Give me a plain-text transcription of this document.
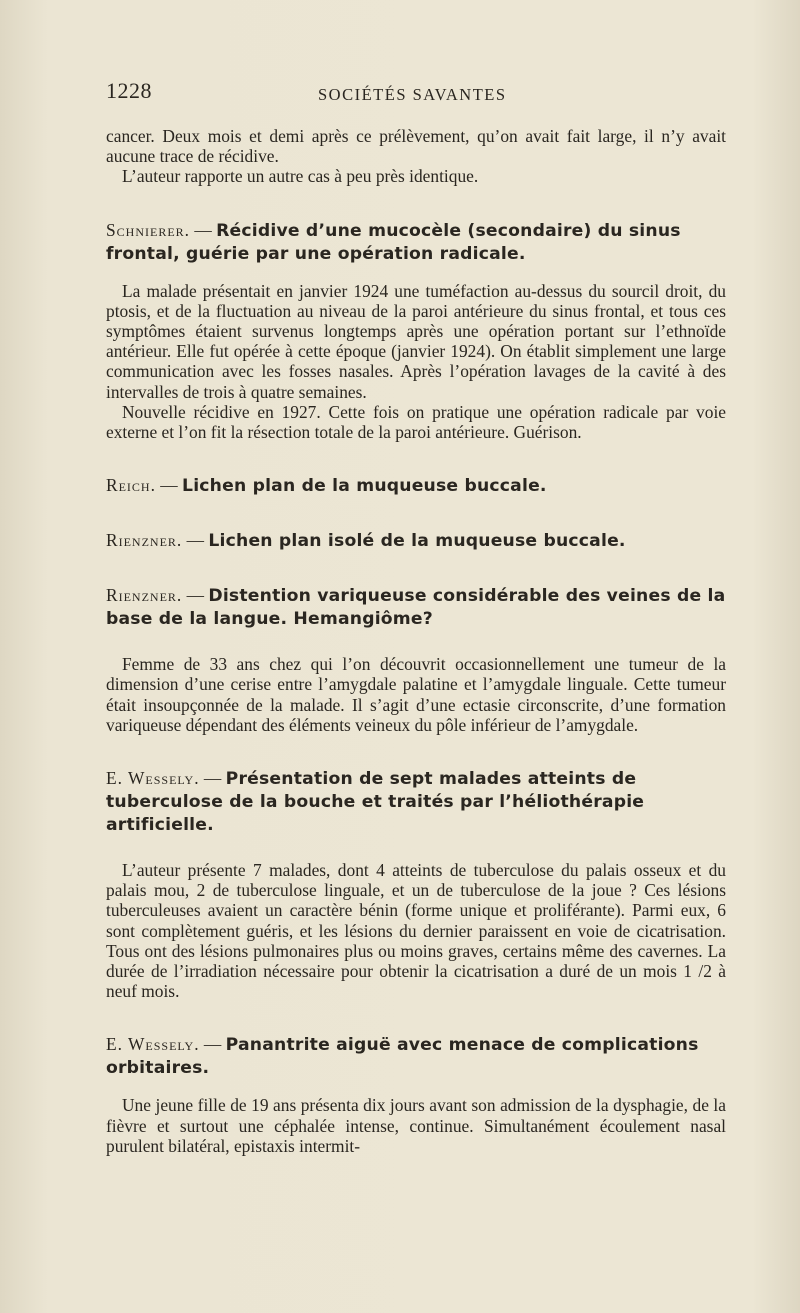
1228	SOCIÉTÉS SAVANTES

cancer. Deux mois et demi après ce prélèvement, qu’on avait fait large, il n’y avait aucune trace de récidive.

L’auteur rapporte un autre cas à peu près identique.

Schnierer. — Récidive d’une mucocèle (secondaire) du sinus frontal, guérie par une opération radicale.

La malade présentait en janvier 1924 une tuméfaction au-dessus du sourcil droit, du ptosis, et de la fluctuation au niveau de la paroi antérieure du sinus frontal, et tous ces symptômes étaient survenus longtemps après une opération portant sur l’ethnoïde antérieur. Elle fut opérée à cette époque (janvier 1924). On établit simplement une large communication avec les fosses nasales. Après l’opération lavages de la cavité à des intervalles de trois à quatre semaines.

Nouvelle récidive en 1927. Cette fois on pratique une opération radicale par voie externe et l’on fit la résection totale de la paroi antérieure. Guérison.

Reich. — Lichen plan de la muqueuse buccale.

Rienzner. — Lichen plan isolé de la muqueuse buccale.

Rienzner. — Distention variqueuse considérable des veines de la base de la langue. Hemangiôme?

Femme de 33 ans chez qui l’on découvrit occasionnellement une tumeur de la dimension d’une cerise entre l’amygdale palatine et l’amygdale linguale. Cette tumeur était insoupçonnée de la malade. Il s’agit d’une ectasie circonscrite, d’une formation variqueuse dépendant des éléments veineux du pôle inférieur de l’amygdale.

E. Wessely. — Présentation de sept malades atteints de tuberculose de la bouche et traités par l’héliothérapie artificielle.

L’auteur présente 7 malades, dont 4 atteints de tuberculose du palais osseux et du palais mou, 2 de tuberculose linguale, et un de tuberculose de la joue ? Ces lésions tuberculeuses avaient un caractère bénin (forme unique et proliférante). Parmi eux, 6 sont complètement guéris, et les lésions du dernier paraissent en voie de cicatrisation. Tous ont des lésions pulmonaires plus ou moins graves, certains même des cavernes. La durée de l’irradiation nécessaire pour obtenir la cicatrisation a duré de un mois 1 /2 à neuf mois.

E. Wessely. — Panantrite aiguë avec menace de complications orbitaires.

Une jeune fille de 19 ans présenta dix jours avant son admission de la dysphagie, de la fièvre et surtout une céphalée intense, continue. Simultanément écoulement nasal purulent bilatéral, epistaxis intermit-
